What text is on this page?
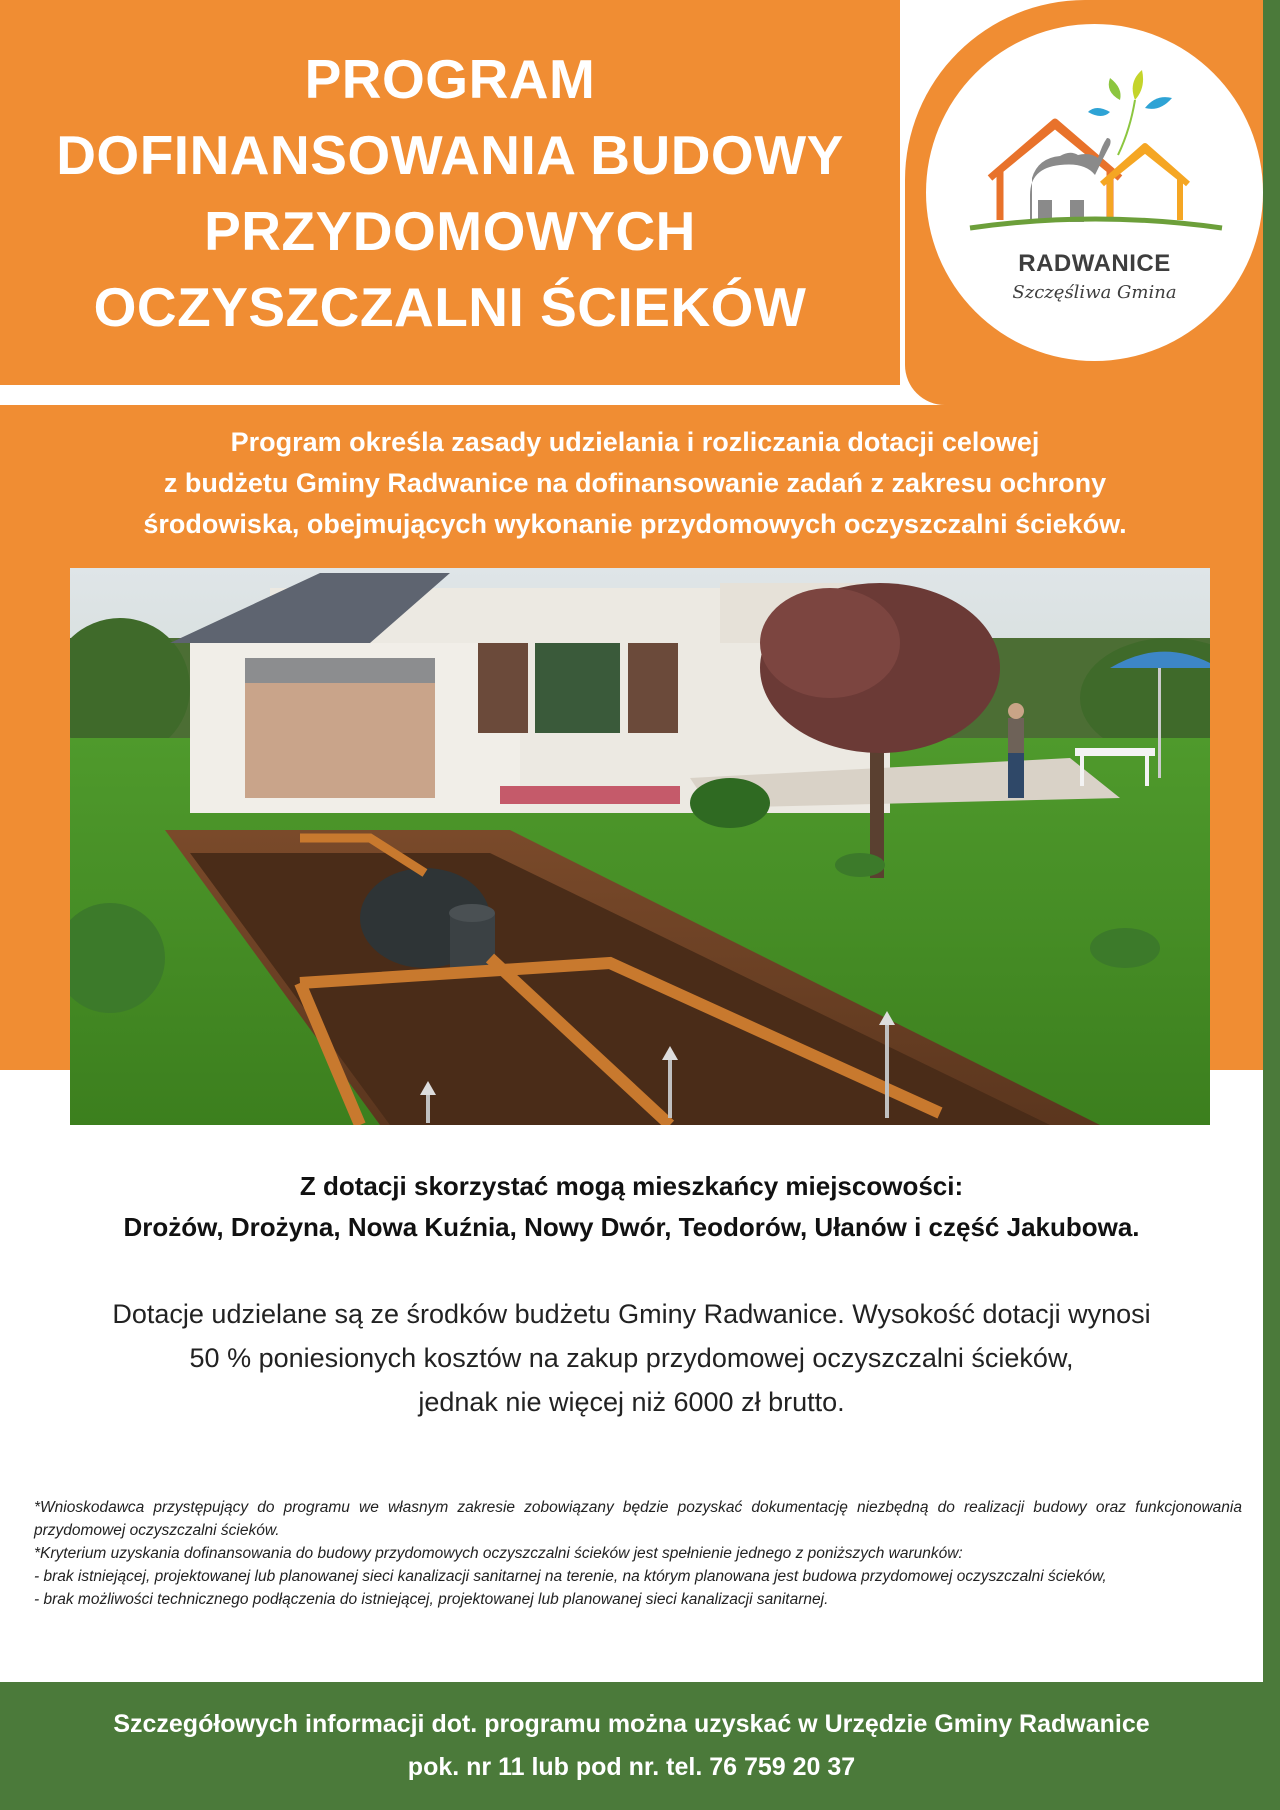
PROGRAM
DOFINANSOWANIA BUDOWY
PRZYDOMOWYCH
OCZYSZCZALNI ŚCIEKÓW
RADWANICE
Szczęśliwa Gmina
Program określa zasady udzielania i rozliczania dotacji celowej
z budżetu Gminy Radwanice na dofinansowanie zadań z zakresu ochrony
środowiska, obejmujących wykonanie przydomowych oczyszczalni ścieków.
Z dotacji skorzystać mogą mieszkańcy miejscowości:
Drożów, Drożyna, Nowa Kuźnia, Nowy Dwór, Teodorów, Ułanów i część Jakubowa.
Dotacje udzielane są ze środków budżetu Gminy Radwanice. Wysokość dotacji wynosi
50 % poniesionych kosztów na zakup przydomowej oczyszczalni ścieków,
jednak nie więcej niż 6000 zł brutto.

*Wnioskodawca przystępujący do programu we własnym zakresie zobowiązany będzie pozyskać dokumentację niezbędną do realizacji budowy oraz funkcjonowania przydomowej oczyszczalni ścieków.

*Kryterium uzyskania dofinansowania do budowy przydomowych oczyszczalni ścieków jest spełnienie jednego z poniższych warunków:

- brak istniejącej, projektowanej lub planowanej sieci kanalizacji sanitarnej na terenie, na którym planowana jest budowa przydomowej oczyszczalni ścieków,

- brak możliwości technicznego podłączenia do istniejącej, projektowanej lub planowanej sieci kanalizacji sanitarnej.

Szczegółowych informacji dot. programu można uzyskać w Urzędzie Gminy Radwanice
pok. nr 11 lub pod nr. tel. 76 759 20 37
